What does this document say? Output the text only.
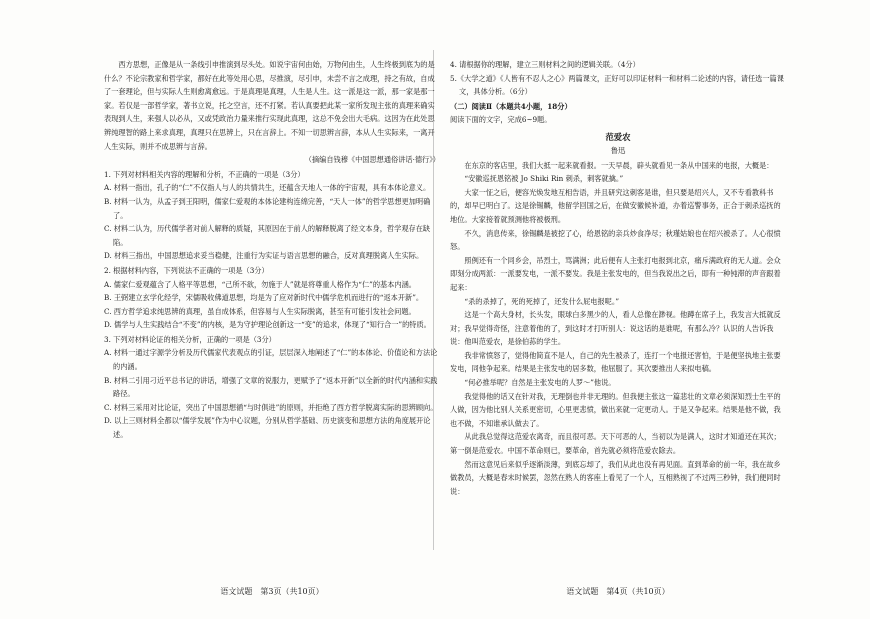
西方思想，正像是从一条线引申推演到尽头处。如说宇宙何由始，万物何由生，人生终极到底为的是什么？不论宗教家和哲学家，都好在此等处用心思，尽推演，尽引申，未尝不言之成理，持之有故，自成了一套理论，但与实际人生则愈离愈远。于是真理是真理，人生是人生。这一派是这一派，那一家是那一家。若仅是一部哲学家，著书立说，托之空言，还不打紧。若认真要把此某一家所发现主张的真理来确实表现到人生，来强人以必从，又或凭政治力量来推行实现此真理，这总不免会出大毛病。这因为在此处思辨纯理智的路上来求真理，真理只在思辨上，只在言辞上。不知一切思辨言辞，本从人生实际来，一离开人生实际，则并不成思辨与言辞。

（摘编自钱穆《中国思想通俗讲话·德行》）

1. 下列对材料相关内容的理解和分析，不正确的一项是（3分）

A. 材料一指出，孔子的“仁”不仅指人与人的共情共生，还蕴含天地人一体的宇宙观，具有本体论意义。

B. 材料一认为，从孟子到王阳明，儒家仁爱观的本体论建构连绵完善，“天人一体”的哲学思想更加明确了。

C. 材料二认为，历代儒学者对前人解释的质疑，其原因在于前人的解释脱离了经文本身，哲学观存在缺陷。

D. 材料三指出，中国思想追求妥当稳健，注重行为实证与语言思想的融合，反对真理脱离人生实际。

2. 根据材料内容，下列说法不正确的一项是（3分）

A. 儒家仁爱观蕴含了人格平等思想，“己所不欲，勿施于人”就是将尊重人格作为“仁”的基本内涵。

B. 王弼建立玄学化经学，宋儒吸收佛道思想，均是为了应对新时代中儒学危机而进行的“返本开新”。

C. 西方哲学追求纯思辨的真理，虽自成体系，但容易与人生实际脱离，甚至有可能引发社会问题。

D. 儒学与人生实践结合“不变”的内核，是为守护理论创新这一“变”的追求，体现了“知行合一”的特质。

3. 下列对材料论证的相关分析，正确的一项是（3分）

A. 材料一通过字源学分析及历代儒家代表观点的引证，层层深入地阐述了“仁”的本体论、价值论和方法论的内涵。

B. 材料二引用刁近平总书记的讲话，增强了文章的说服力，更赋予了“返本开新”以全新的时代内涵和实践路径。

C. 材料三采用对比论证，突出了中国思想循“与时俱进”的原则，并拒绝了西方哲学脱离实际的思辨顾向。

D. 以上三则材料全都以“儒学发展”作为中心议题，分别从哲学基础、历史演变和思想方法的角度展开论述。

语文试题　第3页（共10页）

4. 请根据你的理解，建立三则材料之间的逻辑关联。（4分）

5.《大学之道》《人皆有不忍人之心》两篇课文，正好可以印证材料一和材料二论述的内容，请任选一篇课文，具体分析。（6分）

（二）阅读Ⅱ（本题共4小题，18分）

阅读下面的文字，完成6~9题。

范爱农

鲁迅

在东京的客店里，我们大抵一起来就看报。一天早晨，辟头就看见一条从中国来的电报，大概是：

“安徽巡抚恩铭被 Jo Shiki Rin 刺杀，刺客就擒。”

大家一怔之后，便容光焕发地互相告语，并且研究这刺客是谁，但只要是绍兴人，又不专看教科书的，却早已明白了。这是徐锡麟，他留学回国之后，在做安徽候补道，办着巡警事务，正合于刺杀巡抚的地位。大家接着就预测他将被极刑。

不久，消息传来，徐锡麟是被挖了心，给恩铭的亲兵炒食净尽；秋瑾姑娘也在绍兴被杀了。人心很愤怒。

照例还有一个同乡会，吊烈士，骂满洲；此后便有人主张打电报到北京，痛斥满政府的无人道。会众即刻分成两派：一派要发电，一派不要发。我是主张发电的，但当我说出之后，即有一种钝滞的声音跟着起来：

“杀的杀掉了，死的死掉了，还发什么屁电报呢。”

这是一个高大身材，长头发，眼球白多黑少的人，看人总像在渺视。他蹲在席子上，我发言大抵就反对；我早觉得奇怪，注意着他的了，到这时才打听别人：说这话的是谁呢，有那么冷？认识的人告诉我说：他叫范爱农，是徐伯荪的学生。

我非常愤怒了，觉得他简直不是人，自己的先生被杀了，连打一个电报还害怕，于是便坚执地主张要发电，同他争起来。结果是主张发电的居多数，他屈服了。其次要推出人来拟电稿。

“何必推举呢？自然是主张发电的人罗～”他说。

我觉得他的话又在针对我，无理倒也并非无理的。但我便主张这一篇悲壮的文章必须深知烈士生平的人做，因为他比别人关系更密切，心里更悲愤，做出来就一定更动人。于是又争起来。结果是他不做，我也不做，不知谁承认做去了。

从此我总觉得这范爱农离奇，而且很可恶。天下可恶的人，当初以为是满人，这时才知道还在其次；第一倒是范爱农。中国不革命则已，要革命，首先就必须将范爱农除去。

然而这意见后来似乎逐渐淡薄，到底忘却了，我们从此也没有再见面。直到革命的前一年，我在故乡做教员，大概是春末时候罢，忽然在熟人的客座上看见了一个人，互相熟视了不过两三秒钟，我们便同时说：

语文试题　第4页（共10页）
